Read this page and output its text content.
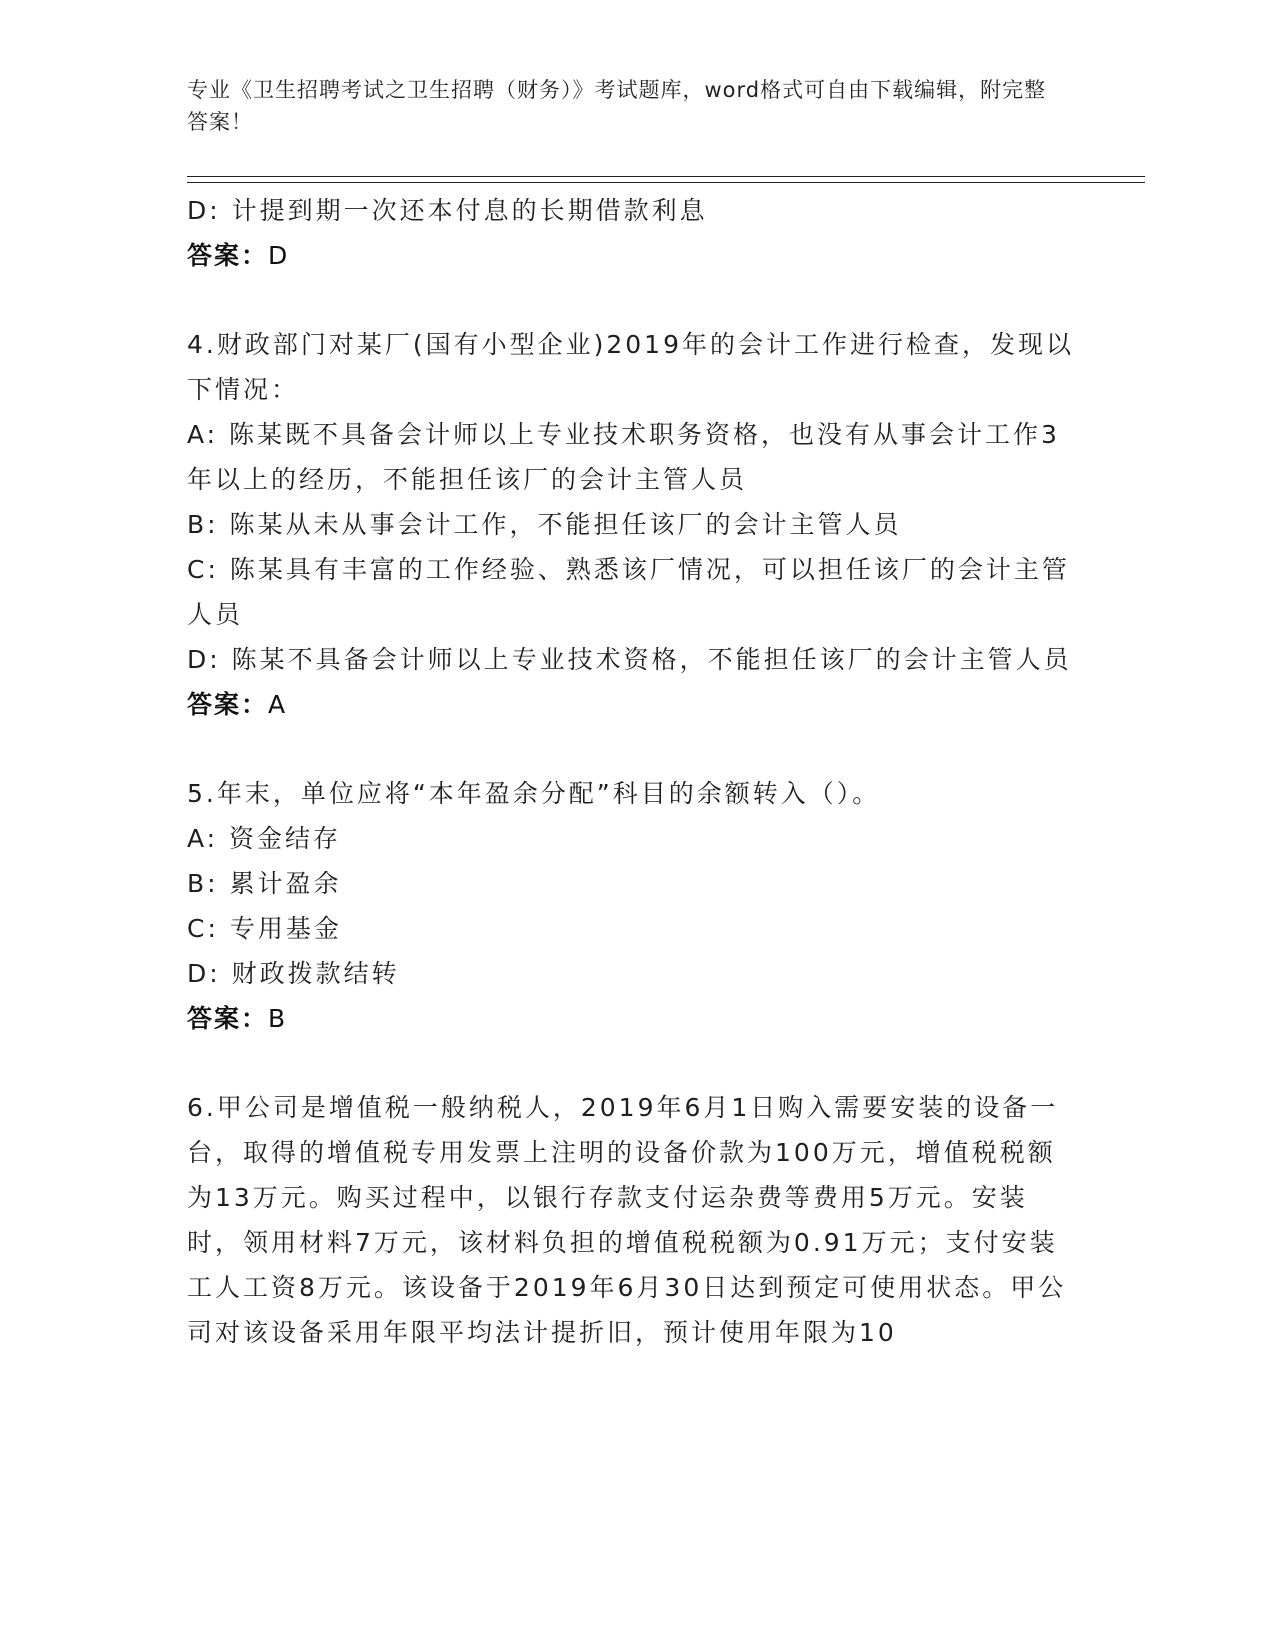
专业《卫生招聘考试之卫生招聘（财务）》考试题库，word格式可自由下载编辑，附完整答案！

D: 计提到期一次还本付息的长期借款利息

答案：D

4.财政部门对某厂(国有小型企业)2019年的会计工作进行检查，发现以下情况：

A: 陈某既不具备会计师以上专业技术职务资格，也没有从事会计工作3年以上的经历，不能担任该厂的会计主管人员

B: 陈某从未从事会计工作，不能担任该厂的会计主管人员

C: 陈某具有丰富的工作经验、熟悉该厂情况，可以担任该厂的会计主管人员

D: 陈某不具备会计师以上专业技术资格，不能担任该厂的会计主管人员

答案：A

5.年末，单位应将“本年盈余分配”科目的余额转入（）。

A: 资金结存

B: 累计盈余

C: 专用基金

D: 财政拨款结转

答案：B

6.甲公司是增值税一般纳税人，2019年6月1日购入需要安装的设备一台，取得的增值税专用发票上注明的设备价款为100万元，增值税税额为13万元。购买过程中，以银行存款支付运杂费等费用5万元。安装时，领用材料7万元，该材料负担的增值税税额为0.91万元；支付安装工人工资8万元。该设备于2019年6月30日达到预定可使用状态。甲公司对该设备采用年限平均法计提折旧，预计使用年限为10
